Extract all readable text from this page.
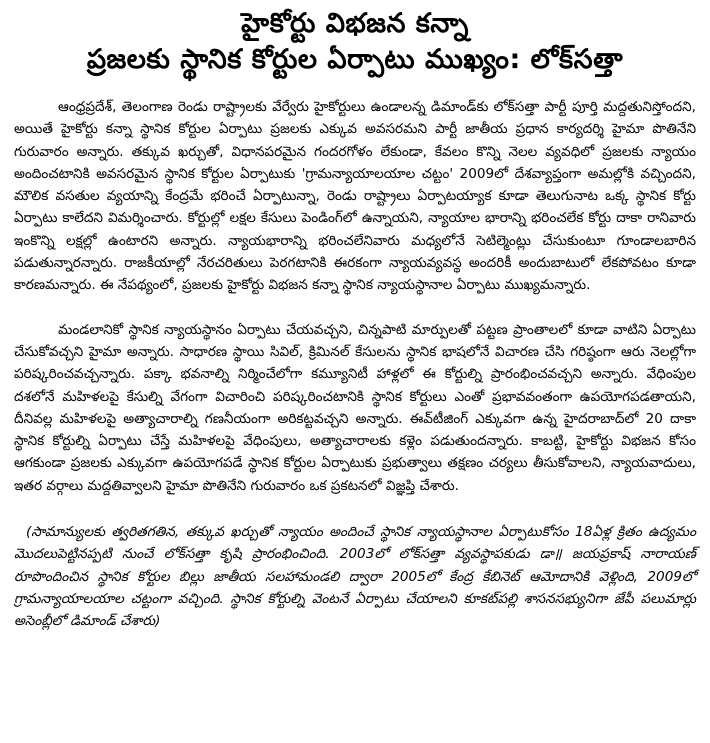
హైకోర్టు విభజన కన్నా
ప్రజలకు స్థానిక కోర్టుల ఏర్పాటు ముఖ్యం: లోక్‌సత్తా

ఆంధ్రప్రదేశ్, తెలంగాణ రెండు రాష్ట్రాలకు వేర్వేరు హైకోర్టులు ఉండాలన్న డిమాండ్‌కు లోక్‌సత్తా పార్టీ పూర్తి మద్దతునిస్తోందని, అయితే హైకోర్టు కన్నా స్థానిక కోర్టుల ఏర్పాటు ప్రజలకు ఎక్కువ అవసరమని పార్టీ జాతీయ ప్రధాన కార్యదర్శి హైమా పొతినేని గురువారం అన్నారు. తక్కువ ఖర్చుతో, విధానపరమైన గందరగోళం లేకుండా, కేవలం కొన్ని నెలల వ్యవధిలో ప్రజలకు న్యాయం అందించటానికి అవసరమైన స్థానిక కోర్టుల ఏర్పాటుకు 'గ్రామన్యాయాలయాల చట్టం' 2009లో దేశవ్యాప్తంగా అమల్లోకి వచ్చిందని, మౌలిక వసతుల వ్యయాన్ని కేంద్రమే భరించే ఏర్పాటున్నా, రెండు రాష్ట్రాలు ఏర్పాటయ్యాక కూడా తెలుగునాట ఒక్క స్థానిక కోర్టు ఏర్పాటు కాలేదని విమర్శించారు. కోర్టుల్లో లక్షల కేసులు పెండింగ్‌లో ఉన్నాయని, న్యాయాల భారాన్ని భరించలేక కోర్టు దాకా రానివారు ఇంకొన్ని లక్షల్లో ఉంటారని అన్నారు. న్యాయభారాన్ని భరించలేనివారు మధ్యలోనే సెటిల్మెంట్లు చేసుకుంటూ గూండాలబారిన పడుతున్నారన్నారు. రాజకీయాల్లో నేరచరితులు పెరగటానికి ఈరకంగా న్యాయవ్యవస్థ అందరికీ అందుబాటులో లేకపోవటం కూడా కారణమన్నారు. ఈ నేపథ్యంలో, ప్రజలకు హైకోర్టు విభజన కన్నా స్థానిక న్యాయస్థానాల ఏర్పాటు ముఖ్యమన్నారు.

మండలానికో స్థానిక న్యాయస్థానం ఏర్పాటు చేయవచ్చని, చిన్నపాటి మార్పులతో పట్టణ ప్రాంతాలలో కూడా వాటిని ఏర్పాటు చేసుకోవచ్చని హైమా అన్నారు. సాధారణ స్థాయి సివిల్, క్రిమినల్ కేసులను స్థానిక భాషలోనే విచారణ చేసి గరిష్ఠంగా ఆరు నెలల్లోగా పరిష్కరించవచ్చన్నారు. పక్కా భవనాల్ని నిర్మించేలోగా కమ్యూనిటీ హాళ్లలో ఈ కోర్టుల్ని ప్రారంభించవచ్చని అన్నారు. వేధింపుల దశలోనే మహిళలపై కేసుల్ని వేగంగా విచారించి పరిష్కరించటానికి స్థానిక కోర్టులు ఎంతో ప్రభావవంతంగా ఉపయోగపడతాయని, దీనివల్ల మహిళలపై అత్యాచారాల్ని గణనీయంగా అరికట్టవచ్చని అన్నారు. ఈవ్‌టీజింగ్ ఎక్కువగా ఉన్న హైదరాబాద్‌లో 20 దాకా స్థానిక కోర్టుల్ని ఏర్పాటు చేస్తే మహిళలపై వేధింపులు, అత్యాచారాలకు కళ్లెం పడుతుందన్నారు. కాబట్టి, హైకోర్టు విభజన కోసం ఆగకుండా ప్రజలకు ఎక్కువగా ఉపయోగపడే స్థానిక కోర్టుల ఏర్పాటుకు ప్రభుత్వాలు తక్షణం చర్యలు తీసుకోవాలని, న్యాయవాదులు, ఇతర వర్గాలు మద్దతివ్వాలని హైమా పొతినేని గురువారం ఒక ప్రకటనలో విజ్ఞప్తి చేశారు.

(సామాన్యులకు త్వరితగతిన, తక్కువ ఖర్చుతో న్యాయం అందించే స్థానిక న్యాయస్థానాల ఏర్పాటుకోసం 18ఏళ్ల క్రితం ఉద్యమం మొదలుపెట్టినప్పటి నుంచే లోక్‌సత్తా కృషి ప్రారంభించింది. 2003లో లోక్‌సత్తా వ్యవస్థాపకుడు డా॥ జయప్రకాష్ నారాయణ్ రూపొందించిన స్థానిక కోర్టుల బిల్లు జాతీయ సలహామండలి ద్వారా 2005లో కేంద్ర కేబినెట్ ఆమోదానికి వెళ్లింది, 2009లో గ్రామన్యాయాలయాల చట్టంగా వచ్చింది. స్థానిక కోర్టుల్ని వెంటనే ఏర్పాటు చేయాలని కూకట్‌పల్లి శాసనసభ్యునిగా జేపీ పలుమార్లు అసెంబ్లీలో డిమాండ్ చేశారు)
